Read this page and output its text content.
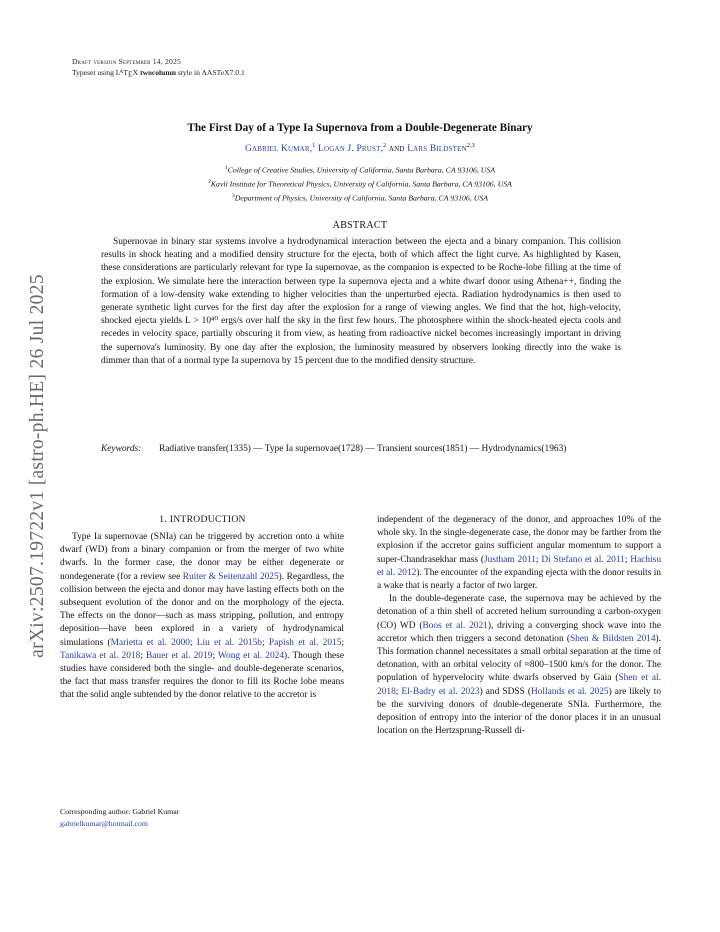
Draft version September 14, 2025
Typeset using $L^ATEX$ twocolumn style in AASTeX7.0.1
arXiv:2507.19722v1 [astro-ph.HE] 26 Jul 2025
The First Day of a Type Ia Supernova from a Double-Degenerate Binary
Gabriel Kumar,$^1$ Logan J. Prust,$^2$ and Lars Bildsten$^{2,3}$
$^1$College of Creative Studies, University of California, Santa Barbara, CA 93106, USA
$^2$Kavli Institute for Theoretical Physics, University of California, Santa Barbara, CA 93106, USA
$^3$Department of Physics, University of California, Santa Barbara, CA 93106, USA
ABSTRACT
Supernovae in binary star systems involve a hydrodynamical interaction between the ejecta and a binary companion. This collision results in shock heating and a modified density structure for the ejecta, both of which affect the light curve. As highlighted by Kasen, these considerations are particularly relevant for type Ia supernovae, as the companion is expected to be Roche-lobe filling at the time of the explosion. We simulate here the interaction between type Ia supernova ejecta and a white dwarf donor using Athena++, finding the formation of a low-density wake extending to higher velocities than the unperturbed ejecta. Radiation hydrodynamics is then used to generate synthetic light curves for the first day after the explosion for a range of viewing angles. We find that the hot, high-velocity, shocked ejecta yields L > 10⁴⁰ ergs/s over half the sky in the first few hours. The photosphere within the shock-heated ejecta cools and recedes in velocity space, partially obscuring it from view, as heating from radioactive nickel becomes increasingly important in driving the supernova's luminosity. By one day after the explosion, the luminosity measured by observers looking directly into the wake is dimmer than that of a normal type Ia supernova by 15 percent due to the modified density structure.
Keywords: Radiative transfer(1335) — Type Ia supernovae(1728) — Transient sources(1851) — Hydrodynamics(1963)
1. INTRODUCTION

Type Ia supernovae (SNIa) can be triggered by accretion onto a white dwarf (WD) from a binary companion or from the merger of two white dwarfs. In the former case, the donor may be either degenerate or nondegenerate (for a review see Ruiter & Seitenzahl 2025). Regardless, the collision between the ejecta and donor may have lasting effects both on the subsequent evolution of the donor and on the morphology of the ejecta. The effects on the donor—such as mass stripping, pollution, and entropy deposition—have been explored in a variety of hydrodynamical simulations (Marietta et al. 2000; Liu et al. 2015b; Papish et al. 2015; Tanikawa et al. 2018; Bauer et al. 2019; Wong et al. 2024). Though these studies have considered both the single- and double-degenerate scenarios, the fact that mass transfer requires the donor to fill its Roche lobe means that the solid angle subtended by the donor relative to the accretor is

independent of the degeneracy of the donor, and approaches 10% of the whole sky. In the single-degenerate case, the donor may be farther from the explosion if the accretor gains sufficient angular momentum to support a super-Chandrasekhar mass (Justham 2011; Di Stefano et al. 2011; Hachisu et al. 2012). The encounter of the expanding ejecta with the donor results in a wake that is nearly a factor of two larger.

In the double-degenerate case, the supernova may be achieved by the detonation of a thin shell of accreted helium surrounding a carbon-oxygen (CO) WD (Boos et al. 2021), driving a converging shock wave into the accretor which then triggers a second detonation (Shen & Bildsten 2014). This formation channel necessitates a small orbital separation at the time of detonation, with an orbital velocity of ≈800–1500 km/s for the donor. The population of hypervelocity white dwarfs observed by Gaia (Shen et al. 2018; El-Badry et al. 2023) and SDSS (Hollands et al. 2025) are likely to be the surviving donors of double-degenerate SNIa. Furthermore, the deposition of entropy into the interior of the donor places it in an unusual location on the Hertzsprung-Russell di-

Corresponding author: Gabriel Kumar
gabrielkumar@hotmail.com
